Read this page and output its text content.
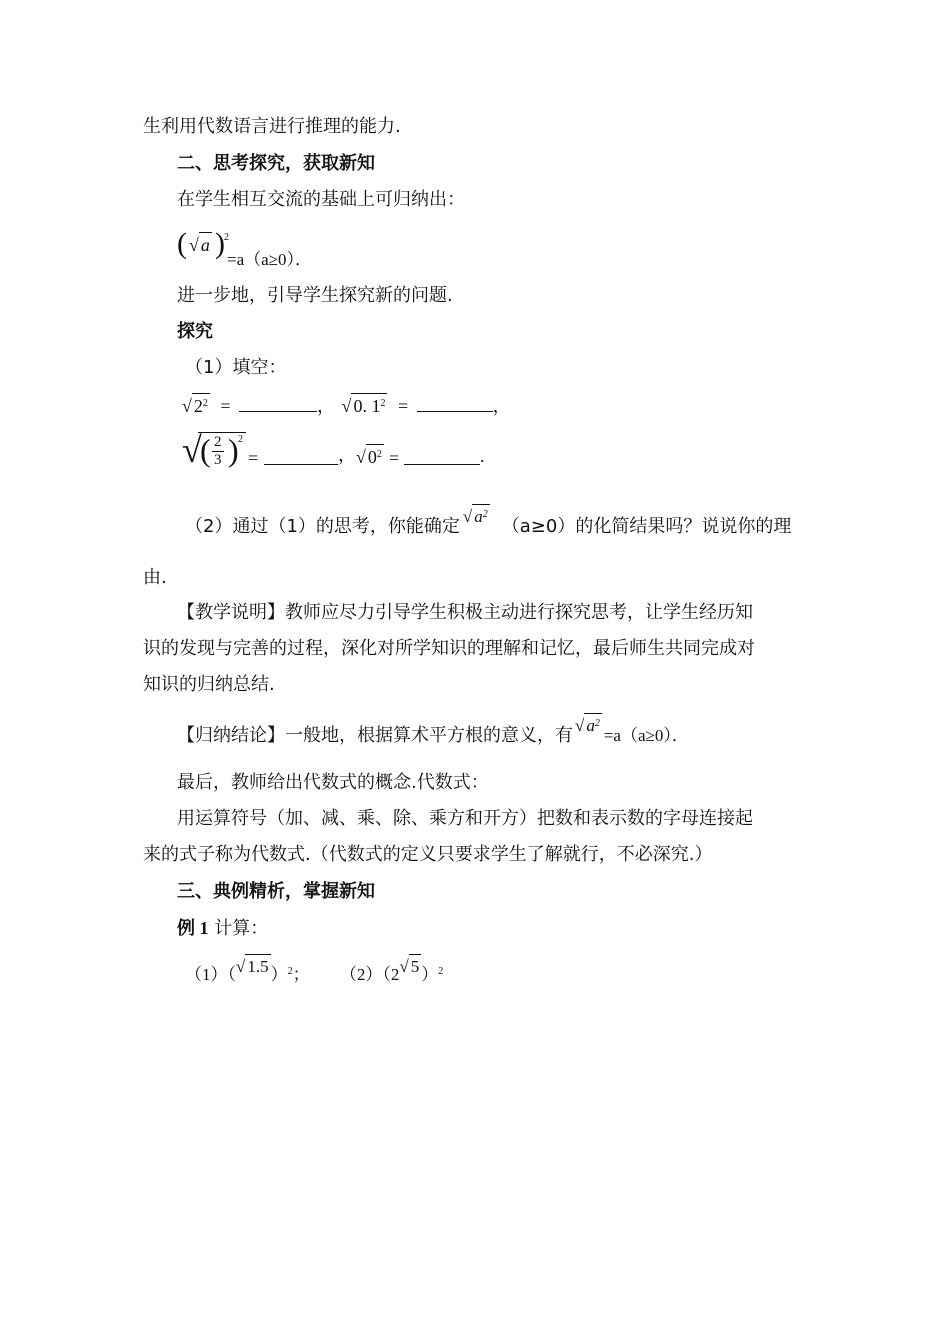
生利用代数语言进行推理的能力.
二、思考探究，获取新知
在学生相互交流的基础上可归纳出：
( √ a ) 2
=a（a≥0）．
进一步地，引导学生探究新的问题.
探究
（1）填空：
√ $2^2$ =	， √ 0. $1^2$ =	，
√
( $\frac{2}{3}$ ) 2
=	， √ $0^2$ =	.
（2）通过（1）的思考，你能确定 √ $a^2(a\ge 0)$的化简结果吗？说说你的理
由.
【教学说明】教师应尽力引导学生积极主动进行探究思考，让学生经历知
识的发现与完善的过程，深化对所学知识的理解和记忆，最后师生共同完成对
知识的归纳总结.
【归纳结论】一般地，根据算术平方根的意义，有 √ $a^2=a(a\ge 0)$．
最后，教师给出代数式的概念.代数式：
用运算符号（加、减、乘、除、乘方和开方）把数和表示数的字母连接起
来的式子称为代数式.（代数式的定义只要求学生了解就行，不必深究.）
三、典例精析，掌握新知
例 1 计算：
（1）（√ 1.5 ）$^2$； （2）（2√ 5 ）$^2$
